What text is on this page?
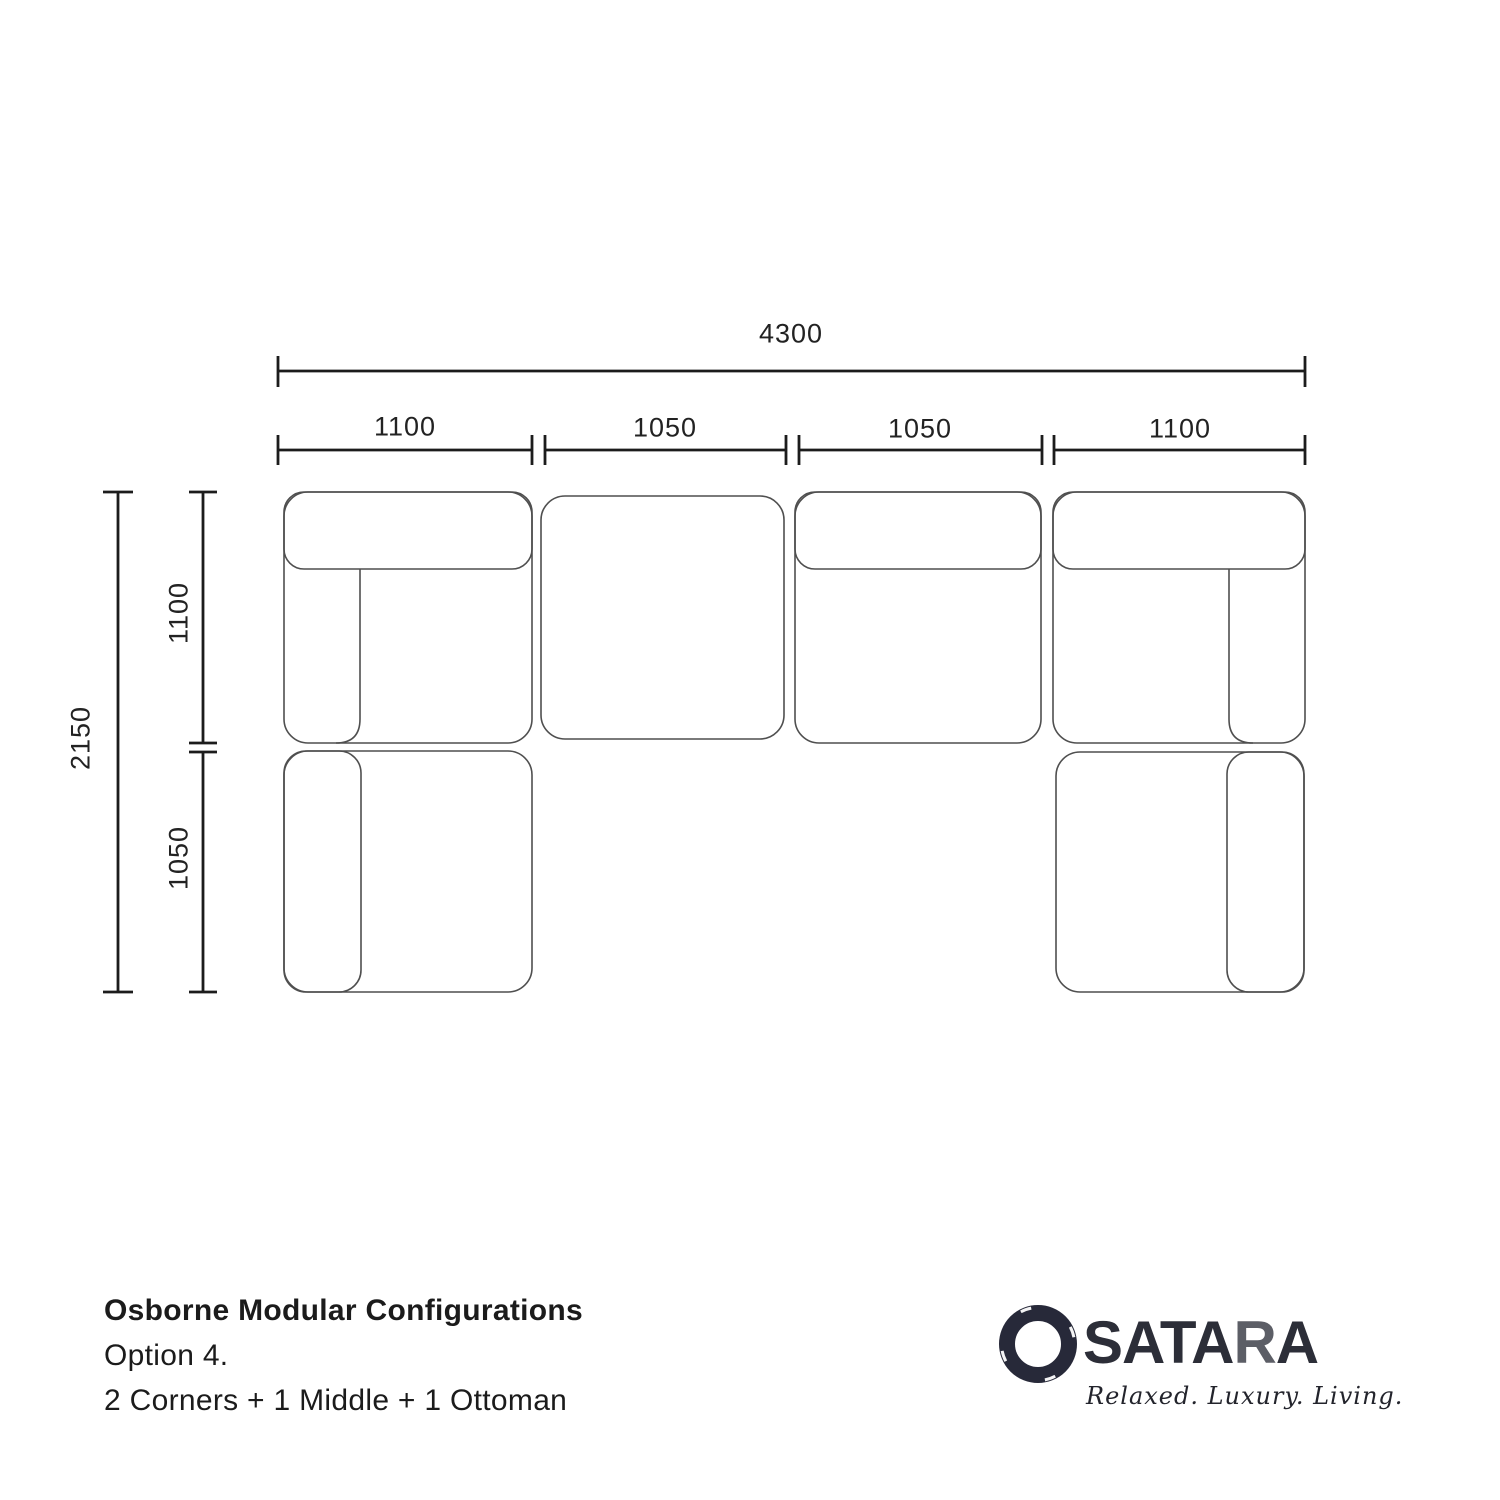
4300
1100	1050	1050	1100
2150
1100
1050
Osborne Modular Configurations
Option 4.
2 Corners + 1 Middle + 1 Ottoman
SATARA
Relaxed. Luxury. Living.
